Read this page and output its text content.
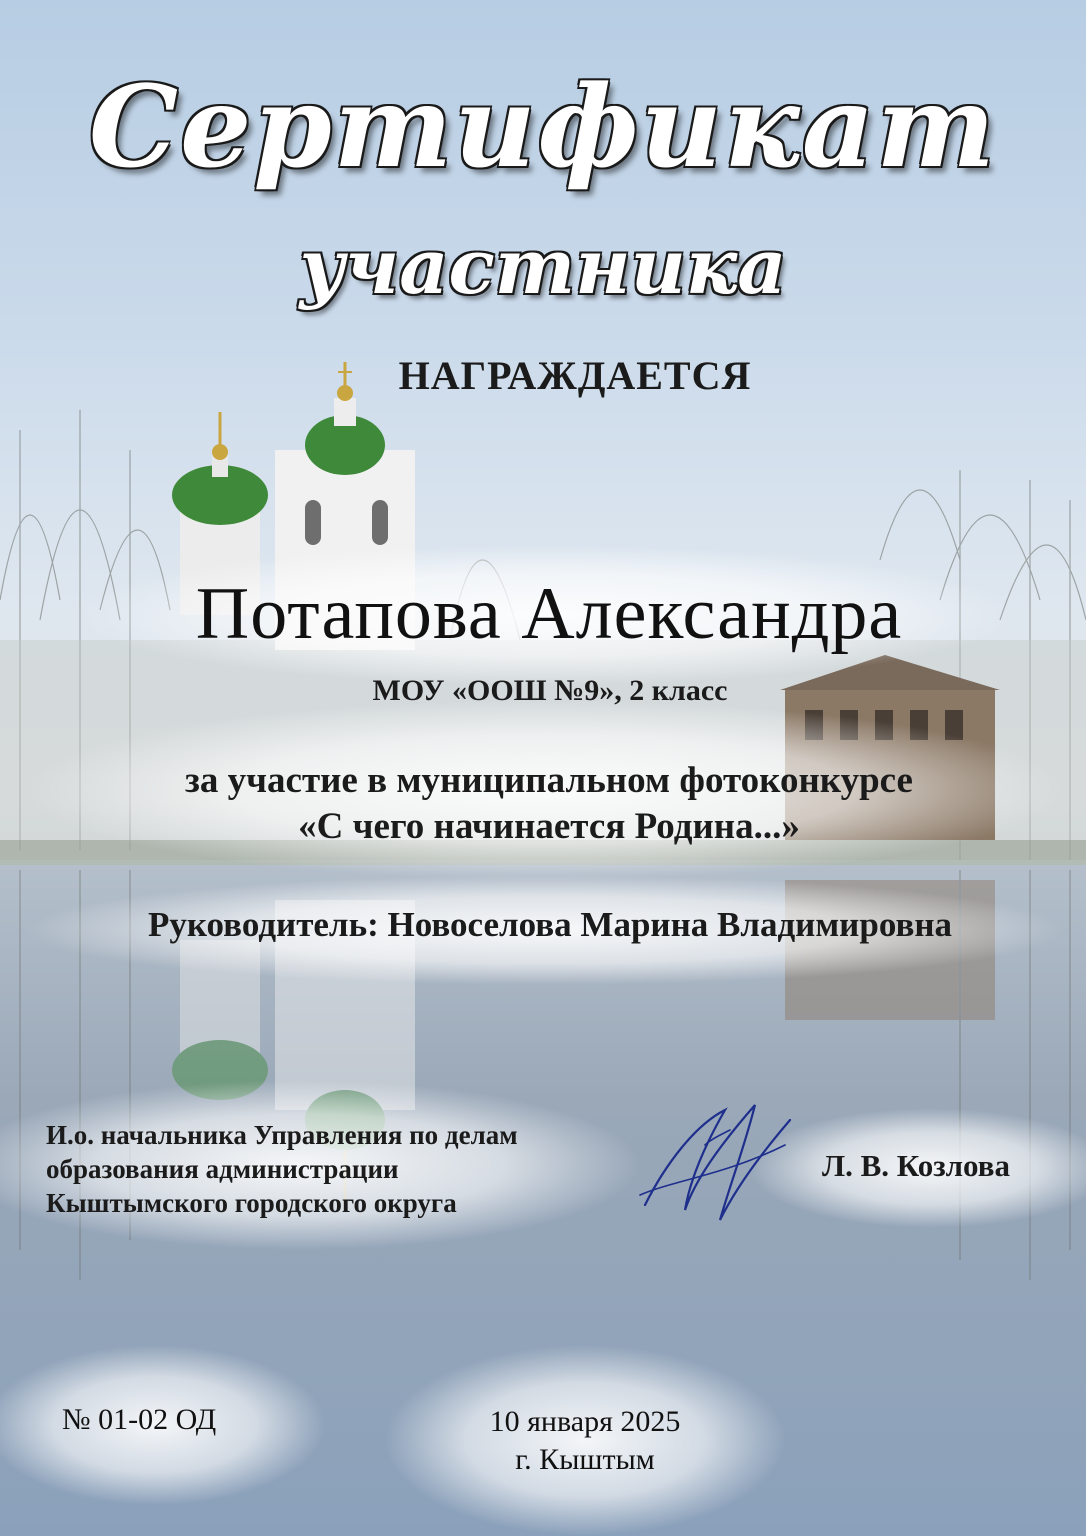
Сертификат
участника
НАГРАЖДАЕТСЯ
Потапова Александра
МОУ «ООШ №9», 2 класс
за участие в муниципальном фотоконкурсе
«С чего начинается Родина...»
Руководитель: Новоселова Марина Владимировна
И.о. начальника Управления по делам
образования администрации
Кыштымского городского округа
Л. В. Козлова
№ 01-02 ОД	10 января 2025
г. Кыштым
